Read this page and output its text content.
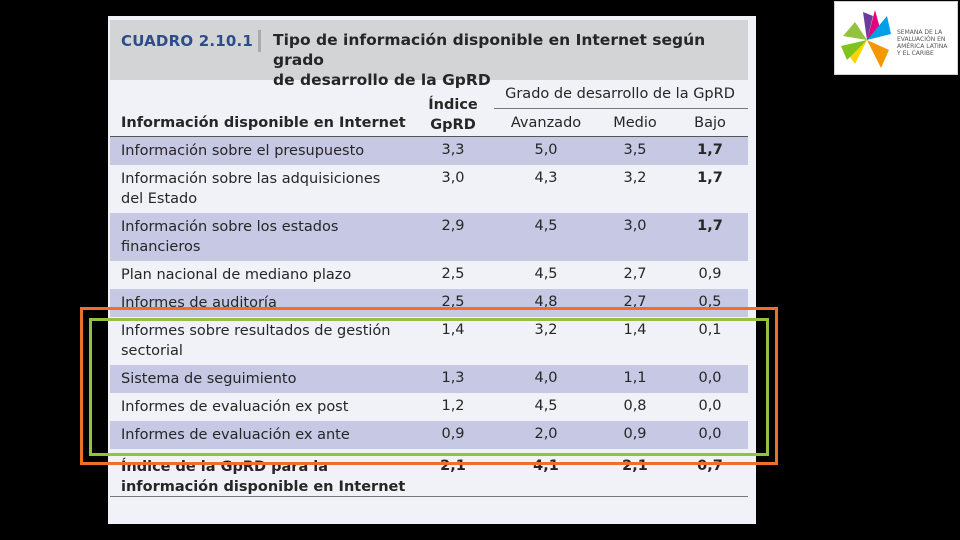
CUADRO 2.10.1 Tipo de información disponible en Internet según grado
de desarrollo de la GpRD
Grado de desarrollo de la GpRD
Información disponible en Internet
Índice
GpRD	Avanzado	Medio	Bajo
Información sobre el presupuesto	3,3	5,0	3,5	1,7
Información sobre las adquisiciones
del Estado
3,0	4,3	3,2	1,7
Información sobre los estados
financieros
2,9	4,5	3,0	1,7
Plan nacional de mediano plazo	2,5	4,5	2,7	0,9
Informes de auditoría	2,5	4,8	2,7	0,5
Informes sobre resultados de gestión
sectorial
1,4	3,2	1,4	0,1
Sistema de seguimiento	1,3	4,0	1,1	0,0
Informes de evaluación ex post	1,2	4,5	0,8	0,0
Informes de evaluación ex ante	0,9	2,0	0,9	0,0
Índice de la GpRD para la
información disponible en Internet
2,1	4,1	2,1	0,7
SEMANA DE LA
EVALUACIÓN EN
AMÉRICA LATINA
Y EL CARIBE
